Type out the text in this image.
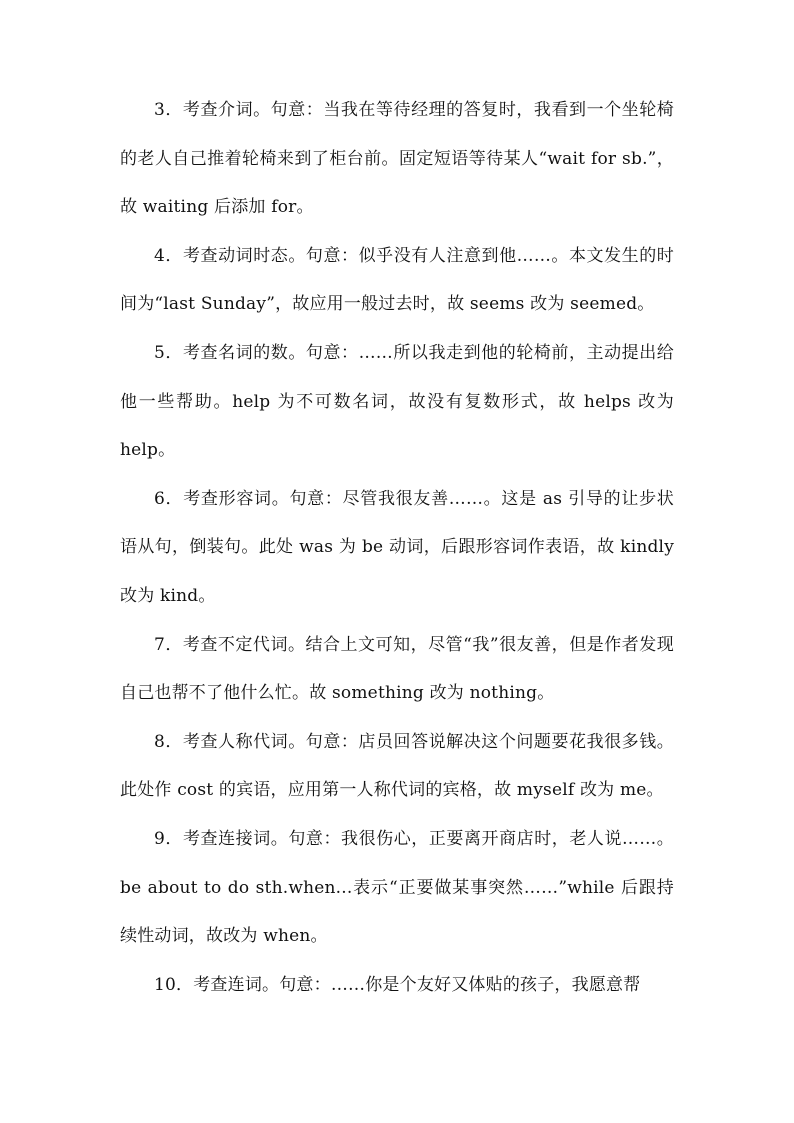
3．考查介词。句意：当我在等待经理的答复时，我看到一个坐轮椅的老人自己推着轮椅来到了柜台前。固定短语等待某人“wait for sb.”，故 waiting 后添加 for。

4．考查动词时态。句意：似乎没有人注意到他……。本文发生的时间为“last Sunday”，故应用一般过去时，故 seems 改为 seemed。

5．考查名词的数。句意：……所以我走到他的轮椅前，主动提出给他一些帮助。help 为不可数名词，故没有复数形式，故 helps 改为 help。

6．考查形容词。句意：尽管我很友善……。这是 as 引导的让步状语从句，倒装句。此处 was 为 be 动词，后跟形容词作表语，故 kindly 改为 kind。

7．考查不定代词。结合上文可知，尽管“我”很友善，但是作者发现自己也帮不了他什么忙。故 something 改为 nothing。

8．考查人称代词。句意：店员回答说解决这个问题要花我很多钱。此处作 cost 的宾语，应用第一人称代词的宾格，故 myself 改为 me。

9．考查连接词。句意：我很伤心，正要离开商店时，老人说……。be about to do sth.when...表示“正要做某事突然……”while 后跟持续性动词，故改为 when。

10．考查连词。句意：……你是个友好又体贴的孩子，我愿意帮
